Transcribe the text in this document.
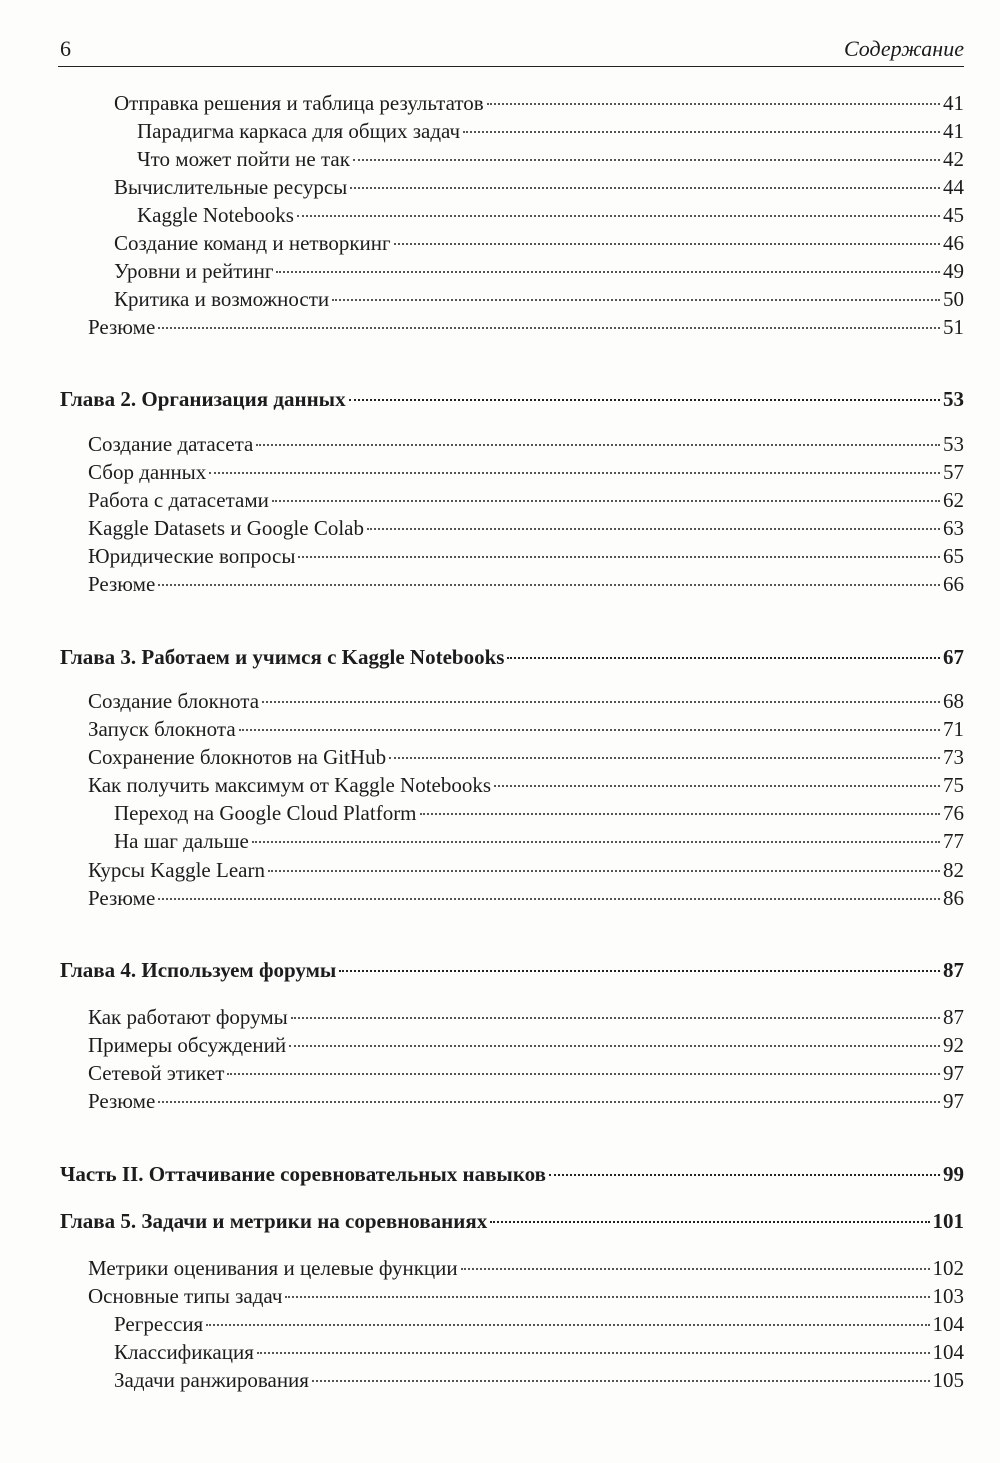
6	Содержание
Отправка решения и таблица результатов	41
Парадигма каркаса для общих задач	41
Что может пойти не так	42
Вычислительные ресурсы	44
Kaggle Notebooks	45
Создание команд и нетворкинг	46
Уровни и рейтинг	49
Критика и возможности	50
Резюме	51
Глава 2. Организация данных	53
Создание датасета	53
Сбор данных	57
Работа с датасетами	62
Kaggle Datasets и Google Colab	63
Юридические вопросы	65
Резюме	66
Глава 3. Работаем и учимся с Kaggle Notebooks	67
Создание блокнота	68
Запуск блокнота	71
Сохранение блокнотов на GitHub	73
Как получить максимум от Kaggle Notebooks	75
Переход на Google Cloud Platform	76
На шаг дальше	77
Курсы Kaggle Learn	82
Резюме	86
Глава 4. Используем форумы	87
Как работают форумы	87
Примеры обсуждений	92
Сетевой этикет	97
Резюме	97
Часть II. Оттачивание соревновательных навыков	99
Глава 5. Задачи и метрики на соревнованиях	101
Метрики оценивания и целевые функции	102
Основные типы задач	103
Регрессия	104
Классификация	104
Задачи ранжирования	105
